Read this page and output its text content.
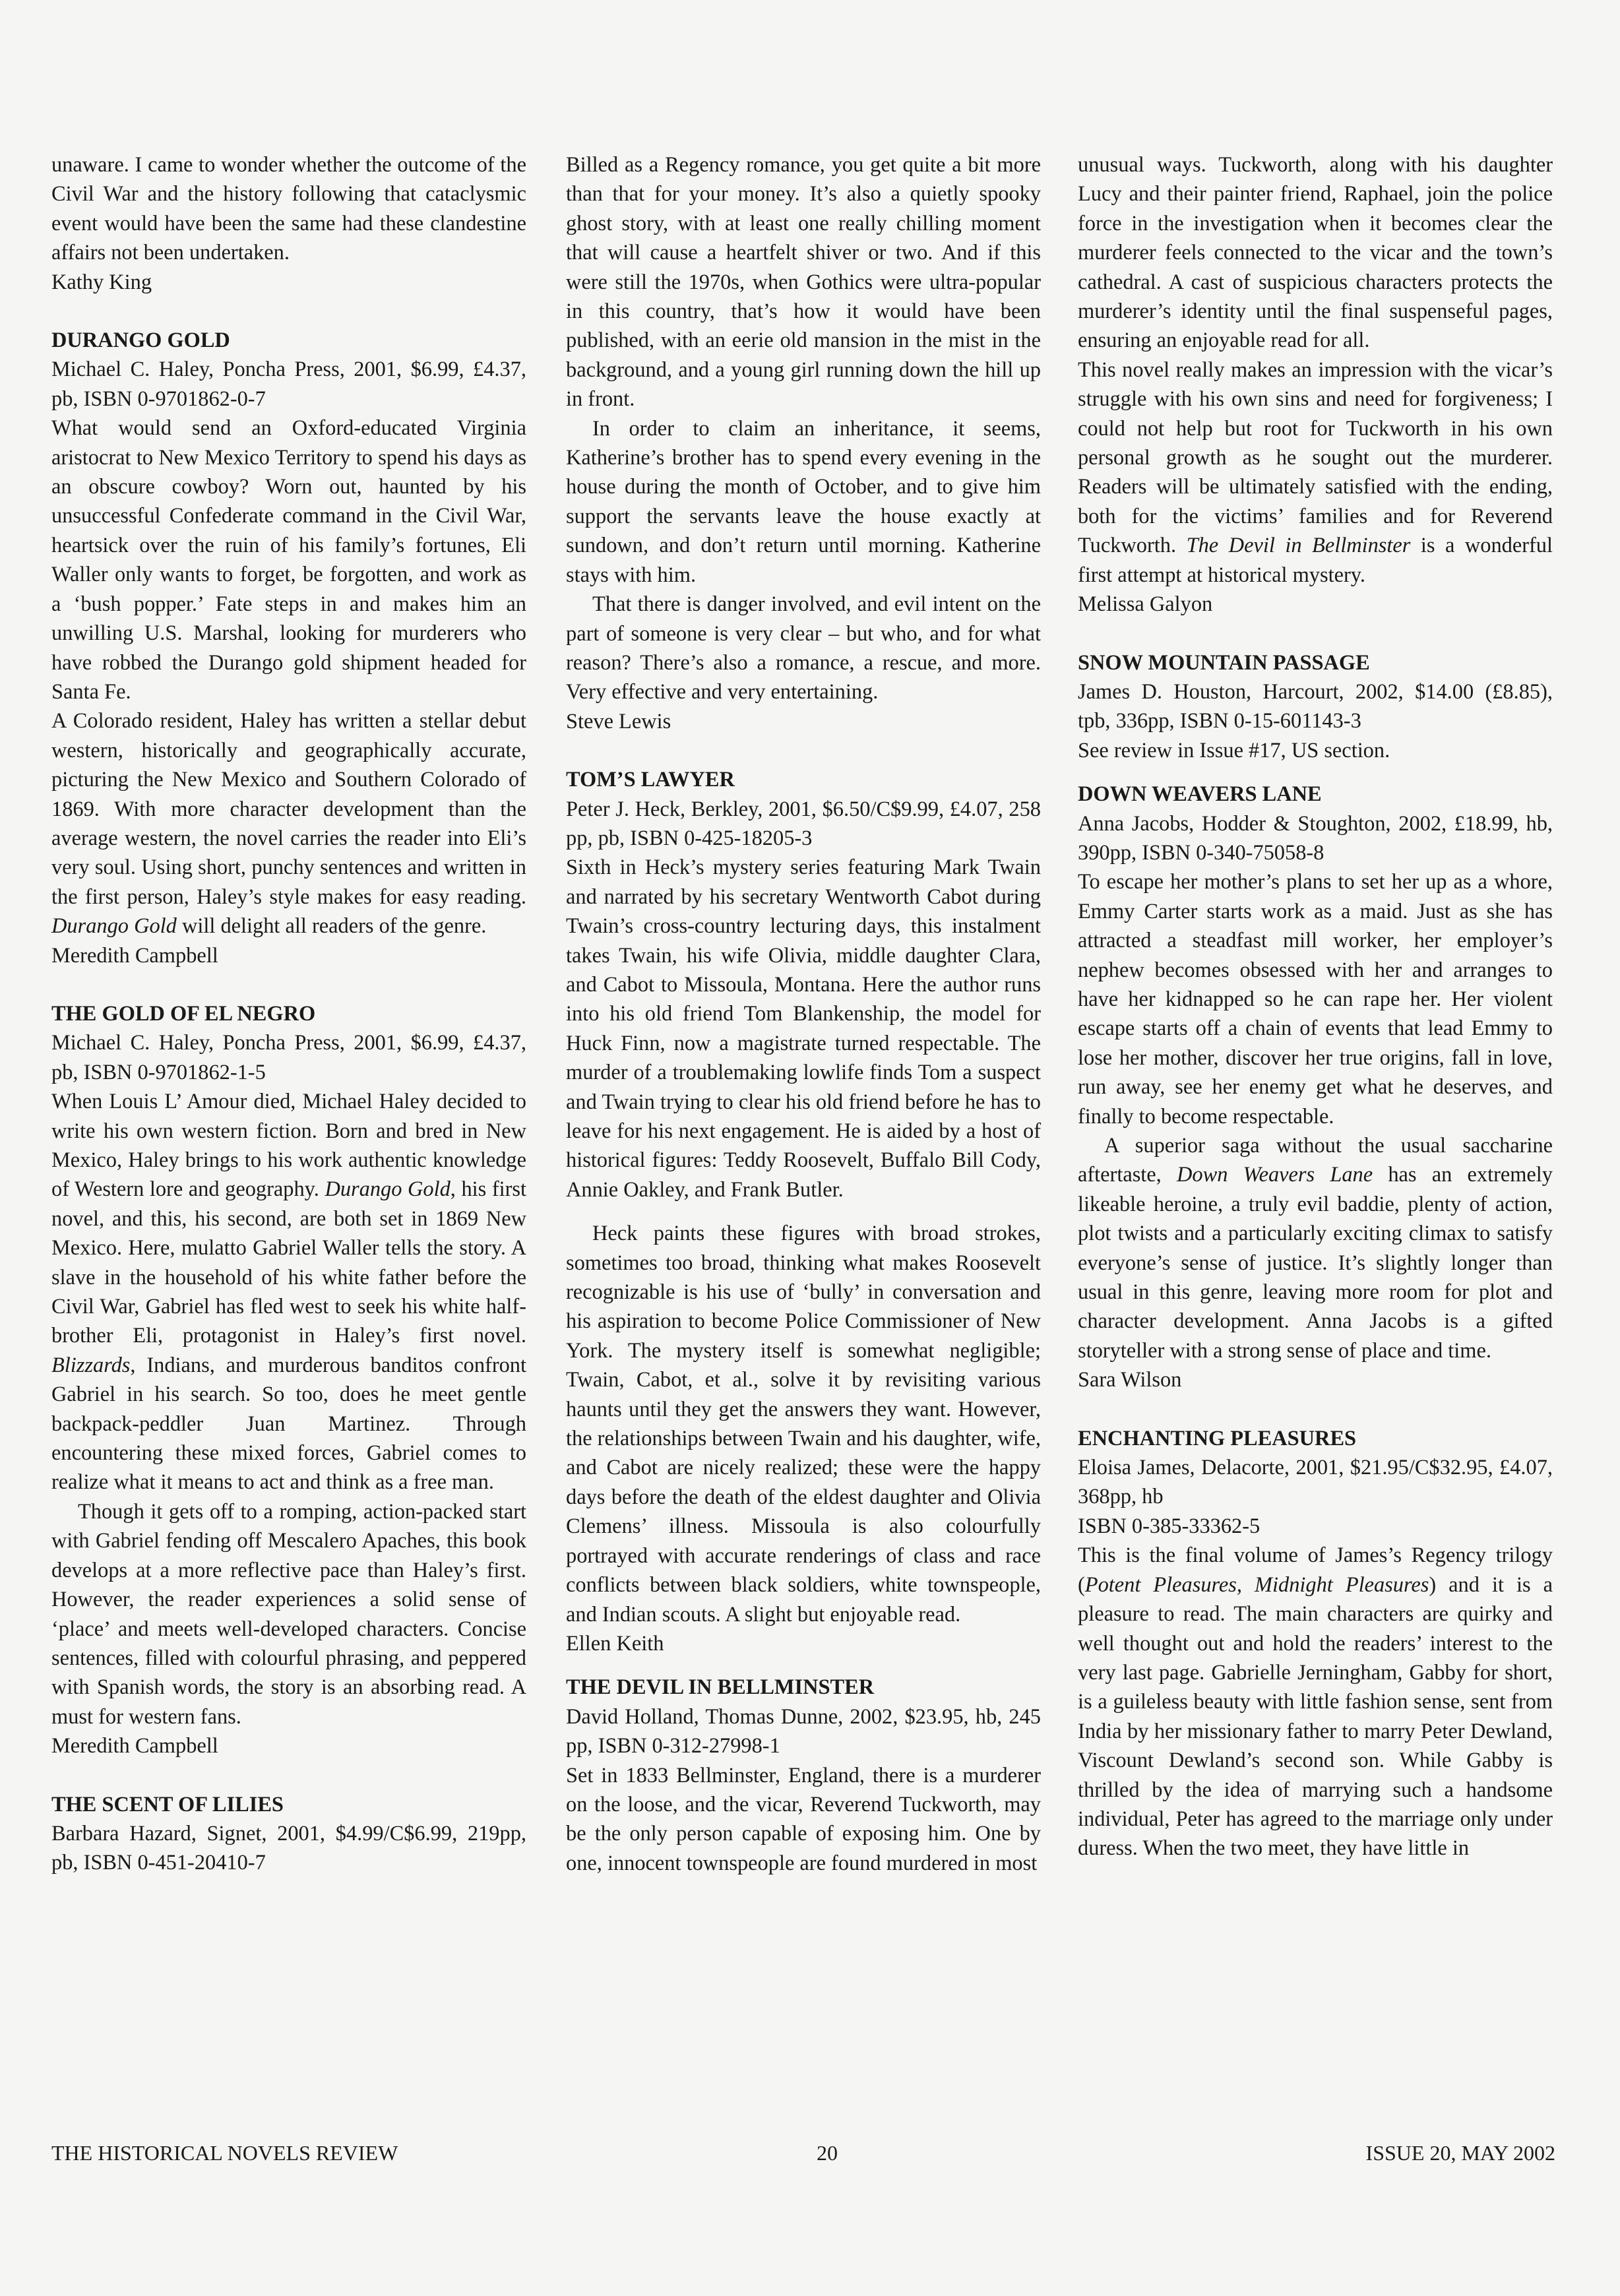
unaware. I came to wonder whether the outcome of the Civil War and the history following that cataclysmic event would have been the same had these clandestine affairs not been undertaken.

Kathy King

DURANGO GOLD

Michael C. Haley, Poncha Press, 2001, $6.99, £4.37, pb, ISBN 0-9701862-0-7

What would send an Oxford-educated Virginia aristocrat to New Mexico Territory to spend his days as an obscure cowboy? Worn out, haunted by his unsuccessful Confederate command in the Civil War, heartsick over the ruin of his family’s fortunes, Eli Waller only wants to forget, be forgotten, and work as a ‘bush popper.’ Fate steps in and makes him an unwilling U.S. Marshal, looking for murderers who have robbed the Durango gold shipment headed for Santa Fe.

A Colorado resident, Haley has written a stellar debut western, historically and geographically accurate, picturing the New Mexico and Southern Colorado of 1869. With more character development than the average western, the novel carries the reader into Eli’s very soul. Using short, punchy sentences and written in the first person, Haley’s style makes for easy reading. Durango Gold will delight all readers of the genre.

Meredith Campbell

THE GOLD OF EL NEGRO

Michael C. Haley, Poncha Press, 2001, $6.99, £4.37, pb, ISBN 0-9701862-1-5

When Louis L’ Amour died, Michael Haley decided to write his own western fiction. Born and bred in New Mexico, Haley brings to his work authentic knowledge of Western lore and geography. Durango Gold, his first novel, and this, his second, are both set in 1869 New Mexico. Here, mulatto Gabriel Waller tells the story. A slave in the household of his white father before the Civil War, Gabriel has fled west to seek his white half-brother Eli, protagonist in Haley’s first novel. Blizzards, Indians, and murderous banditos confront Gabriel in his search. So too, does he meet gentle backpack-peddler Juan Martinez. Through encountering these mixed forces, Gabriel comes to realize what it means to act and think as a free man.

Though it gets off to a romping, action-packed start with Gabriel fending off Mescalero Apaches, this book develops at a more reflective pace than Haley’s first. However, the reader experiences a solid sense of ‘place’ and meets well-developed characters. Concise sentences, filled with colourful phrasing, and peppered with Spanish words, the story is an absorbing read. A must for western fans.

Meredith Campbell

THE SCENT OF LILIES

Barbara Hazard, Signet, 2001, $4.99/C$6.99, 219pp, pb, ISBN 0-451-20410-7

Billed as a Regency romance, you get quite a bit more than that for your money. It’s also a quietly spooky ghost story, with at least one really chilling moment that will cause a heartfelt shiver or two. And if this were still the 1970s, when Gothics were ultra-popular in this country, that’s how it would have been published, with an eerie old mansion in the mist in the background, and a young girl running down the hill up in front.

In order to claim an inheritance, it seems, Katherine’s brother has to spend every evening in the house during the month of October, and to give him support the servants leave the house exactly at sundown, and don’t return until morning. Katherine stays with him.

That there is danger involved, and evil intent on the part of someone is very clear – but who, and for what reason? There’s also a romance, a rescue, and more. Very effective and very entertaining.

Steve Lewis

TOM’S LAWYER

Peter J. Heck, Berkley, 2001, $6.50/C$9.99, £4.07, 258 pp, pb, ISBN 0-425-18205-3

Sixth in Heck’s mystery series featuring Mark Twain and narrated by his secretary Wentworth Cabot during Twain’s cross-country lecturing days, this instalment takes Twain, his wife Olivia, middle daughter Clara, and Cabot to Missoula, Montana. Here the author runs into his old friend Tom Blankenship, the model for Huck Finn, now a magistrate turned respectable. The murder of a troublemaking lowlife finds Tom a suspect and Twain trying to clear his old friend before he has to leave for his next engagement. He is aided by a host of historical figures: Teddy Roosevelt, Buffalo Bill Cody, Annie Oakley, and Frank Butler.

Heck paints these figures with broad strokes, sometimes too broad, thinking what makes Roosevelt recognizable is his use of ‘bully’ in conversation and his aspiration to become Police Commissioner of New York. The mystery itself is somewhat negligible; Twain, Cabot, et al., solve it by revisiting various haunts until they get the answers they want. However, the relationships between Twain and his daughter, wife, and Cabot are nicely realized; these were the happy days before the death of the eldest daughter and Olivia Clemens’ illness. Missoula is also colourfully portrayed with accurate renderings of class and race conflicts between black soldiers, white townspeople, and Indian scouts. A slight but enjoyable read.

Ellen Keith

THE DEVIL IN BELLMINSTER

David Holland, Thomas Dunne, 2002, $23.95, hb, 245 pp, ISBN 0-312-27998-1

Set in 1833 Bellminster, England, there is a murderer on the loose, and the vicar, Reverend Tuckworth, may be the only person capable of exposing him. One by one, innocent townspeople are found murdered in most

unusual ways. Tuckworth, along with his daughter Lucy and their painter friend, Raphael, join the police force in the investigation when it becomes clear the murderer feels connected to the vicar and the town’s cathedral. A cast of suspicious characters protects the murderer’s identity until the final suspenseful pages, ensuring an enjoyable read for all.

This novel really makes an impression with the vicar’s struggle with his own sins and need for forgiveness; I could not help but root for Tuckworth in his own personal growth as he sought out the murderer. Readers will be ultimately satisfied with the ending, both for the victims’ families and for Reverend Tuckworth. The Devil in Bellminster is a wonderful first attempt at historical mystery.

Melissa Galyon

SNOW MOUNTAIN PASSAGE

James D. Houston, Harcourt, 2002, $14.00 (£8.85), tpb, 336pp, ISBN 0-15-601143-3

See review in Issue #17, US section.

DOWN WEAVERS LANE

Anna Jacobs, Hodder & Stoughton, 2002, £18.99, hb, 390pp, ISBN 0-340-75058-8

To escape her mother’s plans to set her up as a whore, Emmy Carter starts work as a maid. Just as she has attracted a steadfast mill worker, her employer’s nephew becomes obsessed with her and arranges to have her kidnapped so he can rape her. Her violent escape starts off a chain of events that lead Emmy to lose her mother, discover her true origins, fall in love, run away, see her enemy get what he deserves, and finally to become respectable.

A superior saga without the usual saccharine aftertaste, Down Weavers Lane has an extremely likeable heroine, a truly evil baddie, plenty of action, plot twists and a particularly exciting climax to satisfy everyone’s sense of justice. It’s slightly longer than usual in this genre, leaving more room for plot and character development. Anna Jacobs is a gifted storyteller with a strong sense of place and time.

Sara Wilson

ENCHANTING PLEASURES

Eloisa James, Delacorte, 2001, $21.95/C$32.95, £4.07, 368pp, hb

ISBN 0-385-33362-5

This is the final volume of James’s Regency trilogy (Potent Pleasures, Midnight Pleasures) and it is a pleasure to read. The main characters are quirky and well thought out and hold the readers’ interest to the very last page. Gabrielle Jerningham, Gabby for short, is a guileless beauty with little fashion sense, sent from India by her missionary father to marry Peter Dewland, Viscount Dewland’s second son. While Gabby is thrilled by the idea of marrying such a handsome individual, Peter has agreed to the marriage only under duress. When the two meet, they have little in

THE HISTORICAL NOVELS REVIEW	20	ISSUE 20, MAY 2002
